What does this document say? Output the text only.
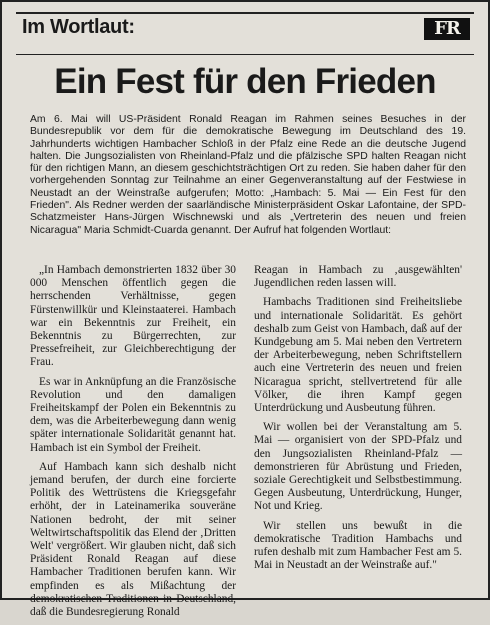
Im Wortlaut:	FR
Ein Fest für den Frieden
Am 6. Mai will US-Präsident Ronald Reagan im Rahmen seines Besuches in der Bundesrepublik vor dem für die demokratische Bewegung im Deutschland des 19. Jahrhunderts wichtigen Hambacher Schloß in der Pfalz eine Rede an die deutsche Jugend halten. Die Jungsozialisten von Rheinland-Pfalz und die pfälzische SPD halten Reagan nicht für den richtigen Mann, an diesem geschichtsträchtigen Ort zu reden. Sie haben daher für den vorhergehenden Sonntag zur Teilnahme an einer Gegenveranstaltung auf der Festwiese in Neustadt an der Weinstraße aufgerufen; Motto: „Hambach: 5. Mai — Ein Fest für den Frieden". Als Redner werden der saarländische Ministerpräsident Oskar Lafontaine, der SPD-Schatzmeister Hans-Jürgen Wischnewski und als „Vertreterin des neuen und freien Nicaragua" Maria Schmidt-Cuarda genannt. Der Aufruf hat folgenden Wortlaut:

„In Hambach demonstrierten 1832 über 30 000 Menschen öffentlich gegen die herrschenden Verhältnisse, gegen Fürstenwillkür und Kleinstaaterei. Hambach war ein Bekenntnis zur Freiheit, ein Bekenntnis zu Bürgerrechten, zur Pressefreiheit, zur Gleichberechtigung der Frau.

Es war in Anknüpfung an die Französische Revolution und den damaligen Freiheitskampf der Polen ein Bekenntnis zu dem, was die Arbeiterbewegung dann wenig später internationale Solidarität genannt hat. Hambach ist ein Symbol der Freiheit.

Auf Hambach kann sich deshalb nicht jemand berufen, der durch eine forcierte Politik des Wettrüstens die Kriegsgefahr erhöht, der in Lateinamerika souveräne Nationen bedroht, der mit seiner Weltwirtschaftspolitik das Elend der ‚Dritten Welt' vergrößert. Wir glauben nicht, daß sich Präsident Ronald Reagan auf diese Hambacher Traditionen berufen kann. Wir empfinden es als Mißachtung der demokratischen Traditionen in Deutschland, daß die Bundesregierung Ronald

Reagan in Hambach zu ‚ausgewählten' Jugendlichen reden lassen will.

Hambachs Traditionen sind Freiheitsliebe und internationale Solidarität. Es gehört deshalb zum Geist von Hambach, daß auf der Kundgebung am 5. Mai neben den Vertretern der Arbeiterbewegung, neben Schriftstellern auch eine Vertreterin des neuen und freien Nicaragua spricht, stellvertretend für alle Völker, die ihren Kampf gegen Unterdrückung und Ausbeutung führen.

Wir wollen bei der Veranstaltung am 5. Mai — organisiert von der SPD-Pfalz und den Jungsozialisten Rheinland-Pfalz — demonstrieren für Abrüstung und Frieden, soziale Gerechtigkeit und Selbstbestimmung. Gegen Ausbeutung, Unterdrückung, Hunger, Not und Krieg.

Wir stellen uns bewußt in die demokratische Tradition Hambachs und rufen deshalb mit zum Hambacher Fest am 5. Mai in Neustadt an der Weinstraße auf."
